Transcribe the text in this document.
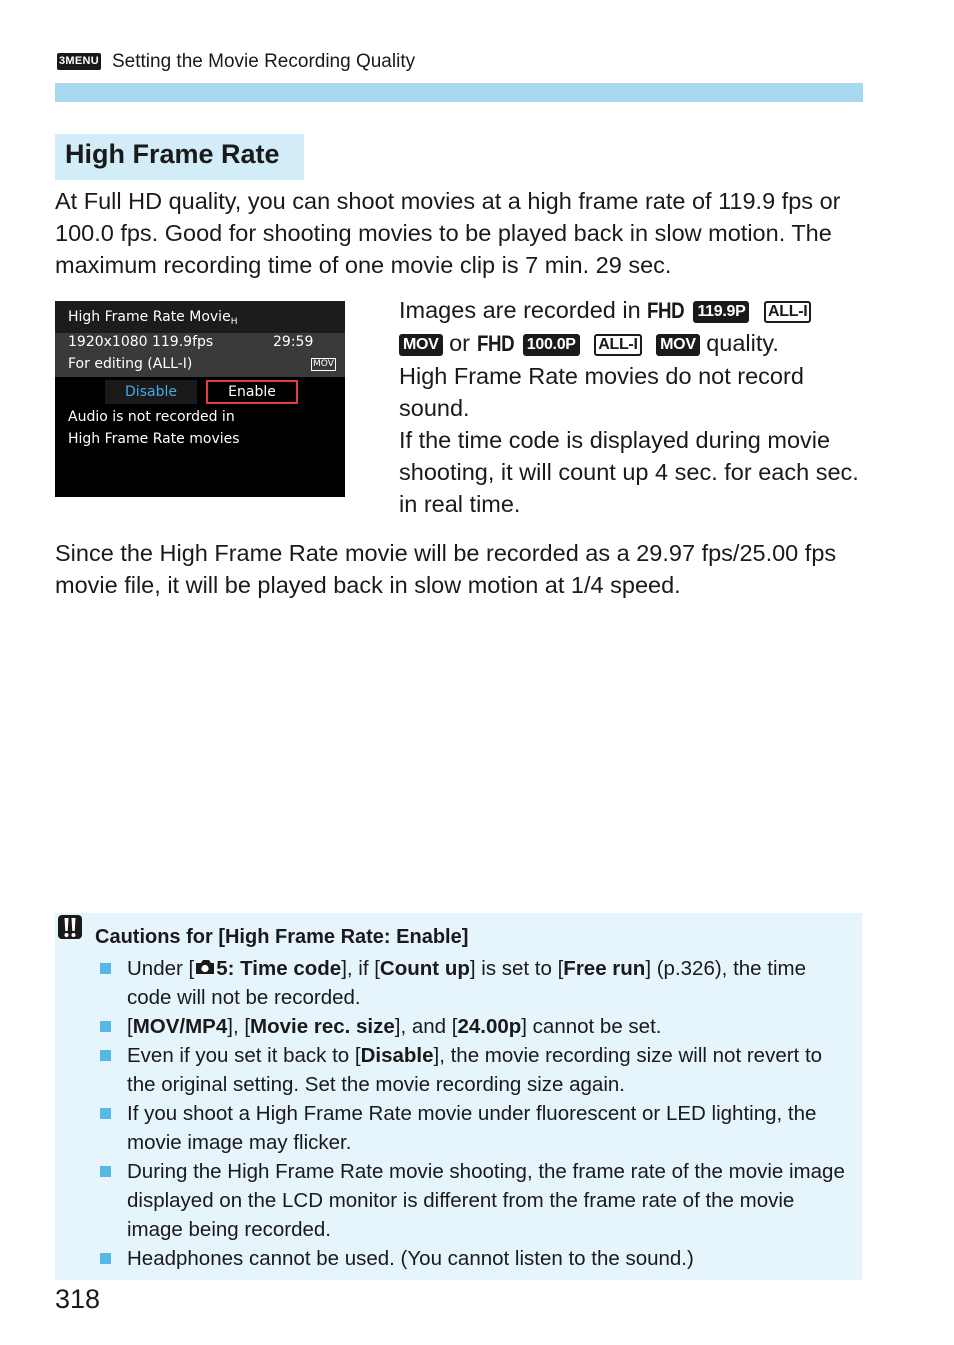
3MENU Setting the Movie Recording Quality
High Frame Rate
At Full HD quality, you can shoot movies at a high frame rate of 119.9 fps or 100.0 fps. Good for shooting movies to be played back in slow motion. The maximum recording time of one movie clip is 7 min. 29 sec.
High Frame Rate Movie$_H$
1920x1080 119.9fps	29:59
For editing (ALL-I)	MOV
Disable	Enable
Audio is not recorded in
High Frame Rate movies
Images are recorded in FHD 119.9P ALL-I
MOV or FHD 100.0P ALL-I MOV quality.
High Frame Rate movies do not record sound.
If the time code is displayed during movie shooting, it will count up 4 sec. for each sec. in real time.
Since the High Frame Rate movie will be recorded as a 29.97 fps/25.00 fps movie file, it will be played back in slow motion at 1/4 speed.
Cautions for [High Frame Rate: Enable]
Under [ 5: Time code], if [Count up] is set to [Free run] (p.326), the time code will not be recorded.
[MOV/MP4], [Movie rec. size], and [24.00p] cannot be set.
Even if you set it back to [Disable], the movie recording size will not revert to the original setting. Set the movie recording size again.
If you shoot a High Frame Rate movie under fluorescent or LED lighting, the movie image may flicker.
During the High Frame Rate movie shooting, the frame rate of the movie image displayed on the LCD monitor is different from the frame rate of the movie image being recorded.
Headphones cannot be used. (You cannot listen to the sound.)
318
